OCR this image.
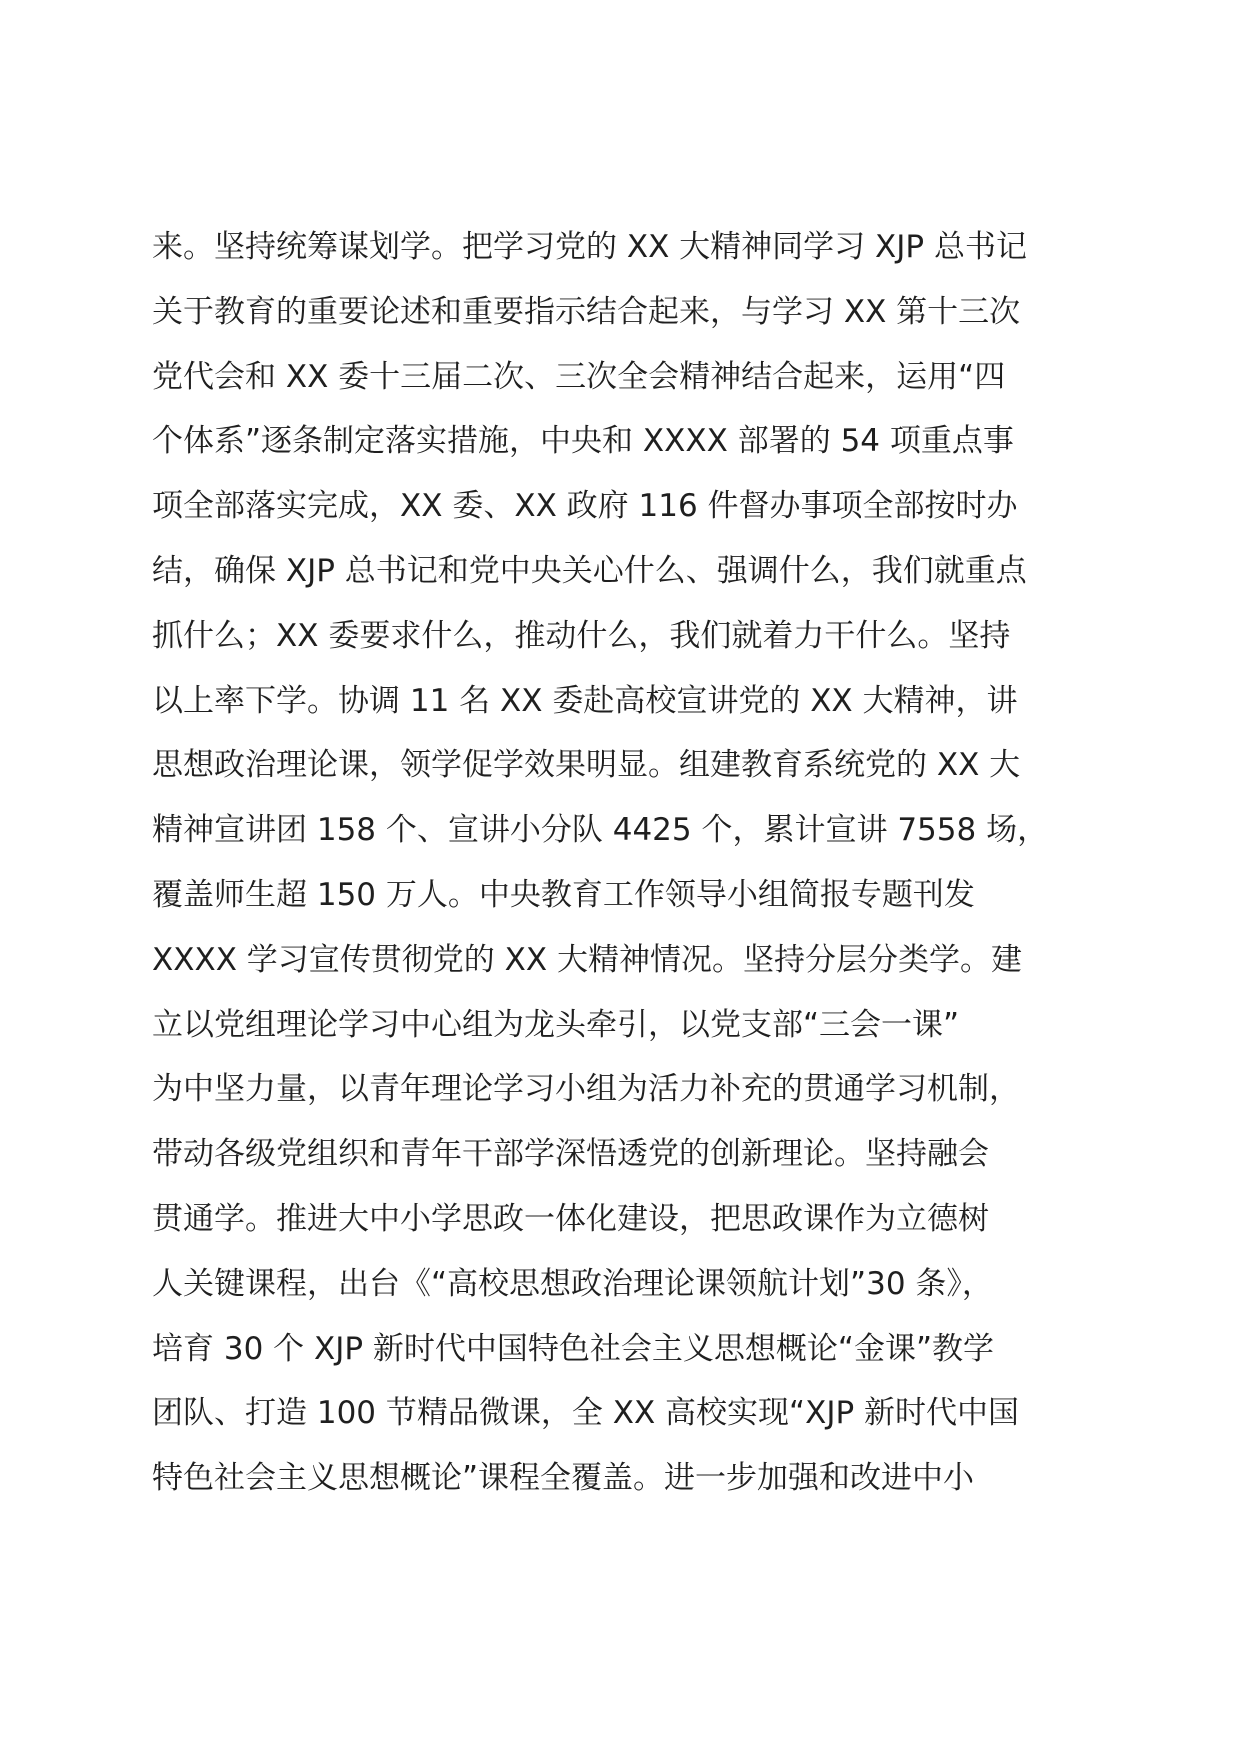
来。坚持统筹谋划学。把学习党的 XX 大精神同学习 XJP 总书记
关于教育的重要论述和重要指示结合起来，与学习 XX 第十三次
党代会和 XX 委十三届二次、三次全会精神结合起来，运用“四
个体系”逐条制定落实措施，中央和 XXXX 部署的 54 项重点事
项全部落实完成，XX 委、XX 政府 116 件督办事项全部按时办
结，确保 XJP 总书记和党中央关心什么、强调什么，我们就重点
抓什么；XX 委要求什么，推动什么，我们就着力干什么。坚持
以上率下学。协调 11 名 XX 委赴高校宣讲党的 XX 大精神，讲
思想政治理论课，领学促学效果明显。组建教育系统党的 XX 大
精神宣讲团 158 个、宣讲小分队 4425 个，累计宣讲 7558 场，
覆盖师生超 150 万人。中央教育工作领导小组简报专题刊发
XXXX 学习宣传贯彻党的 XX 大精神情况。坚持分层分类学。建
立以党组理论学习中心组为龙头牵引，以党支部“三会一课”
为中坚力量，以青年理论学习小组为活力补充的贯通学习机制，
带动各级党组织和青年干部学深悟透党的创新理论。坚持融会
贯通学。推进大中小学思政一体化建设，把思政课作为立德树
人关键课程，出台《“高校思想政治理论课领航计划”30 条》，
培育 30 个 XJP 新时代中国特色社会主义思想概论“金课”教学
团队、打造 100 节精品微课，全 XX 高校实现“XJP 新时代中国
特色社会主义思想概论”课程全覆盖。进一步加强和改进中小
